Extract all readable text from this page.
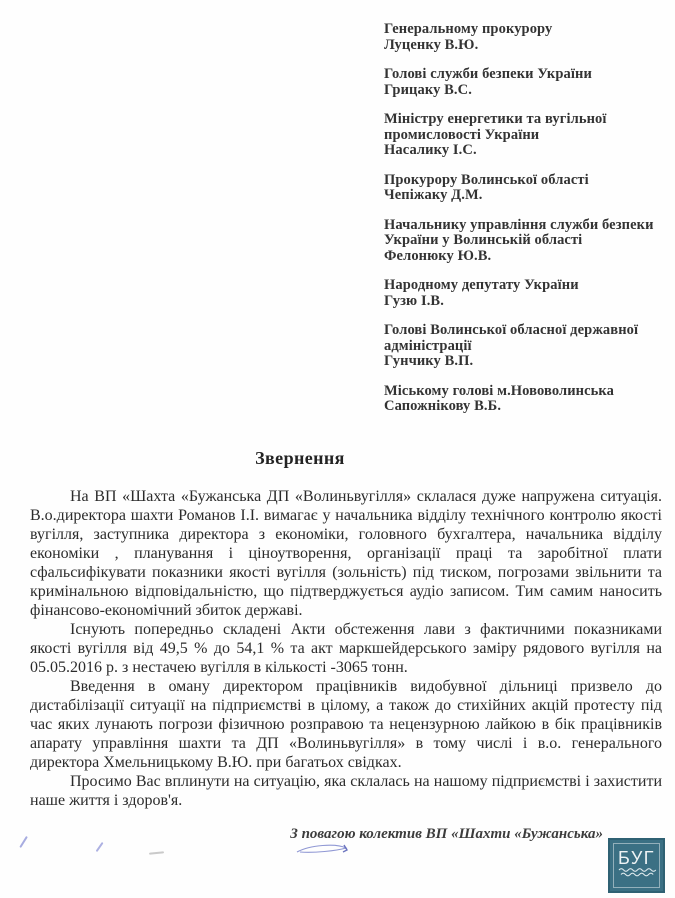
Генеральному прокурору
Луценку В.Ю.
Голові служби безпеки України
Грицаку В.С.
Міністру енергетики та вугільної
промисловості України
Насалику І.С.
Прокурору Волинської області
Чепіжаку Д.М.
Начальнику управління служби безпеки
України у Волинській області
Фелонюку Ю.В.
Народному депутату України
Гузю І.В.
Голові Волинської обласної державної
адміністрації
Гунчику В.П.
Міському голові м.Нововолинська
Сапожнікову В.Б.
Звернення

На ВП «Шахта «Бужанська ДП «Волиньвугілля» склалася дуже напружена ситуація. В.о.директора шахти Романов І.І. вимагає у начальника відділу технічного контролю якості вугілля, заступника директора з економіки, головного бухгалтера, начальника відділу економіки , планування і ціноутворення, організації праці та заробітної плати сфальсифікувати показники якості вугілля (зольність) під тиском, погрозами звільнити та кримінальною відповідальністю, що підтверджується аудіо записом. Тим самим наносить фінансово-економічний збиток державі.

Існують попередньо складені Акти обстеження лави з фактичними показниками якості вугілля від 49,5 % до 54,1 % та акт маркшейдерського заміру рядового вугілля на 05.05.2016 р. з нестачею вугілля в кількості -3065 тонн.

Введення в оману директором працівників видобувної дільниці призвело до дистабілізації ситуації на підприємстві в цілому, а також до стихійних акцій протесту під час яких лунають погрози фізичною розправою та нецензурною лайкою в бік працівників апарату управління шахти та ДП «Волиньвугілля» в тому числі і в.о. генерального директора Хмельницькому В.Ю. при багатьох свідках.

Просимо Вас вплинути на ситуацію, яка склалась на нашому підприємстві і захистити наше життя і здоров'я.

З повагою колектив ВП «Шахти «Бужанська»
БУГ
